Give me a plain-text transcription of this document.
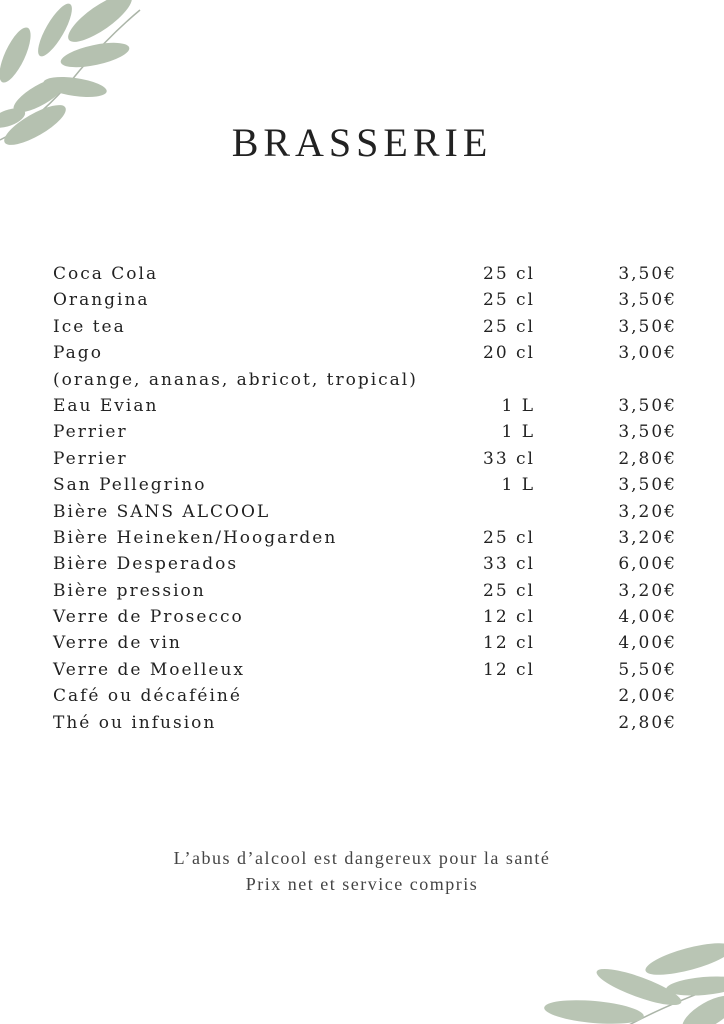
BRASSERIE
Coca Cola	25 cl	3,50€
Orangina	25 cl	3,50€
Ice tea	25 cl	3,50€
Pago	20 cl	3,00€
(orange, ananas, abricot, tropical)
Eau Evian	1 L	3,50€
Perrier	1 L	3,50€
Perrier	33 cl	2,80€
San Pellegrino	1 L	3,50€
Bière SANS ALCOOL	3,20€
Bière Heineken/Hoogarden	25 cl	3,20€
Bière Desperados	33 cl	6,00€
Bière pression	25 cl	3,20€
Verre de Prosecco	12 cl	4,00€
Verre de vin	12 cl	4,00€
Verre de Moelleux	12 cl	5,50€
Café ou décaféiné	2,00€
Thé ou infusion	2,80€
L’abus d’alcool est dangereux pour la santé
Prix net et service compris
